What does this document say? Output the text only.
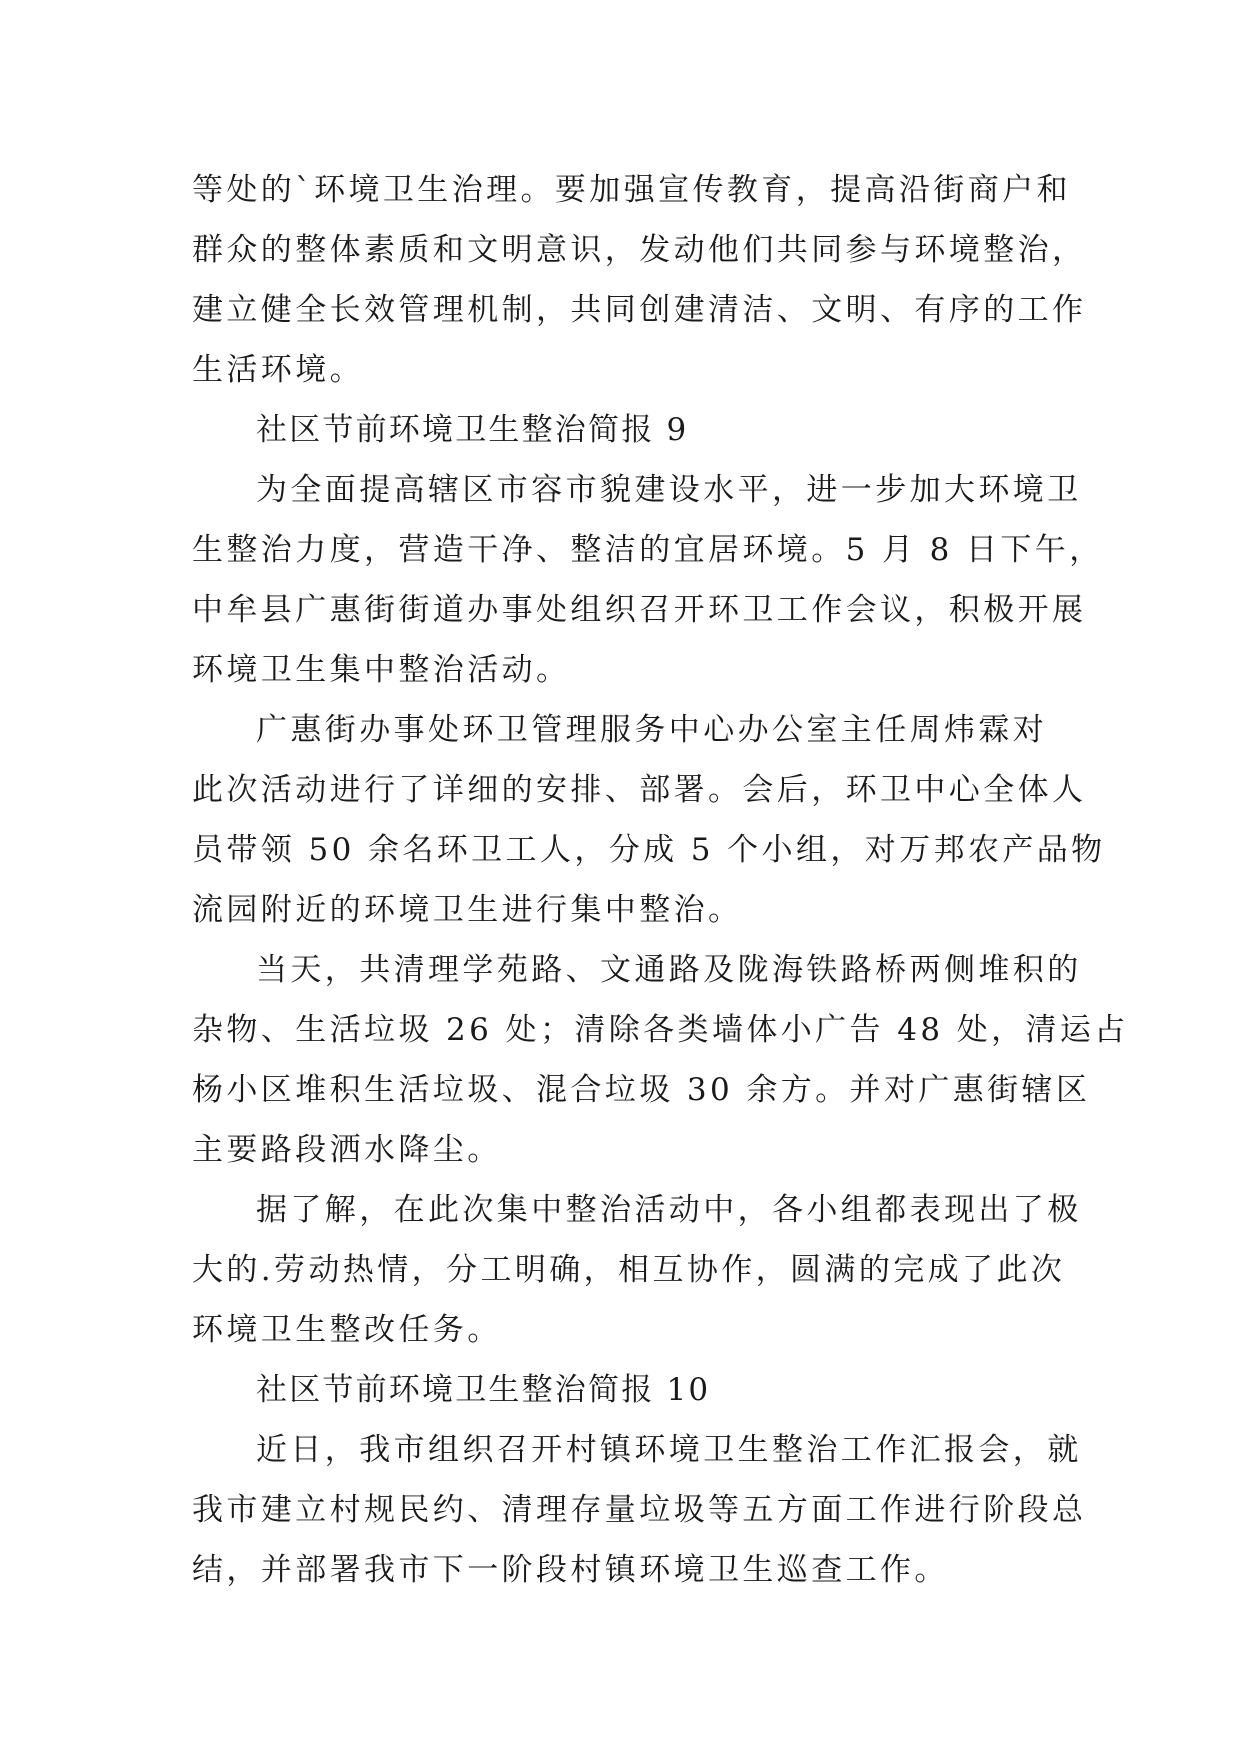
等处的`环境卫生治理。要加强宣传教育，提高沿街商户和
群众的整体素质和文明意识，发动他们共同参与环境整治，
建立健全长效管理机制，共同创建清洁、文明、有序的工作
生活环境。
社区节前环境卫生整治简报 9
为全面提高辖区市容市貌建设水平，进一步加大环境卫
生整治力度，营造干净、整洁的宜居环境。5 月 8 日下午，
中牟县广惠街街道办事处组织召开环卫工作会议，积极开展
环境卫生集中整治活动。
广惠街办事处环卫管理服务中心办公室主任周炜霖对
此次活动进行了详细的安排、部署。会后，环卫中心全体人
员带领 50 余名环卫工人，分成 5 个小组，对万邦农产品物
流园附近的环境卫生进行集中整治。
当天，共清理学苑路、文通路及陇海铁路桥两侧堆积的
杂物、生活垃圾 26 处；清除各类墙体小广告 48 处，清运占
杨小区堆积生活垃圾、混合垃圾 30 余方。并对广惠街辖区
主要路段洒水降尘。
据了解，在此次集中整治活动中，各小组都表现出了极
大的.劳动热情，分工明确，相互协作，圆满的完成了此次
环境卫生整改任务。
社区节前环境卫生整治简报 10
近日，我市组织召开村镇环境卫生整治工作汇报会，就
我市建立村规民约、清理存量垃圾等五方面工作进行阶段总
结，并部署我市下一阶段村镇环境卫生巡查工作。
